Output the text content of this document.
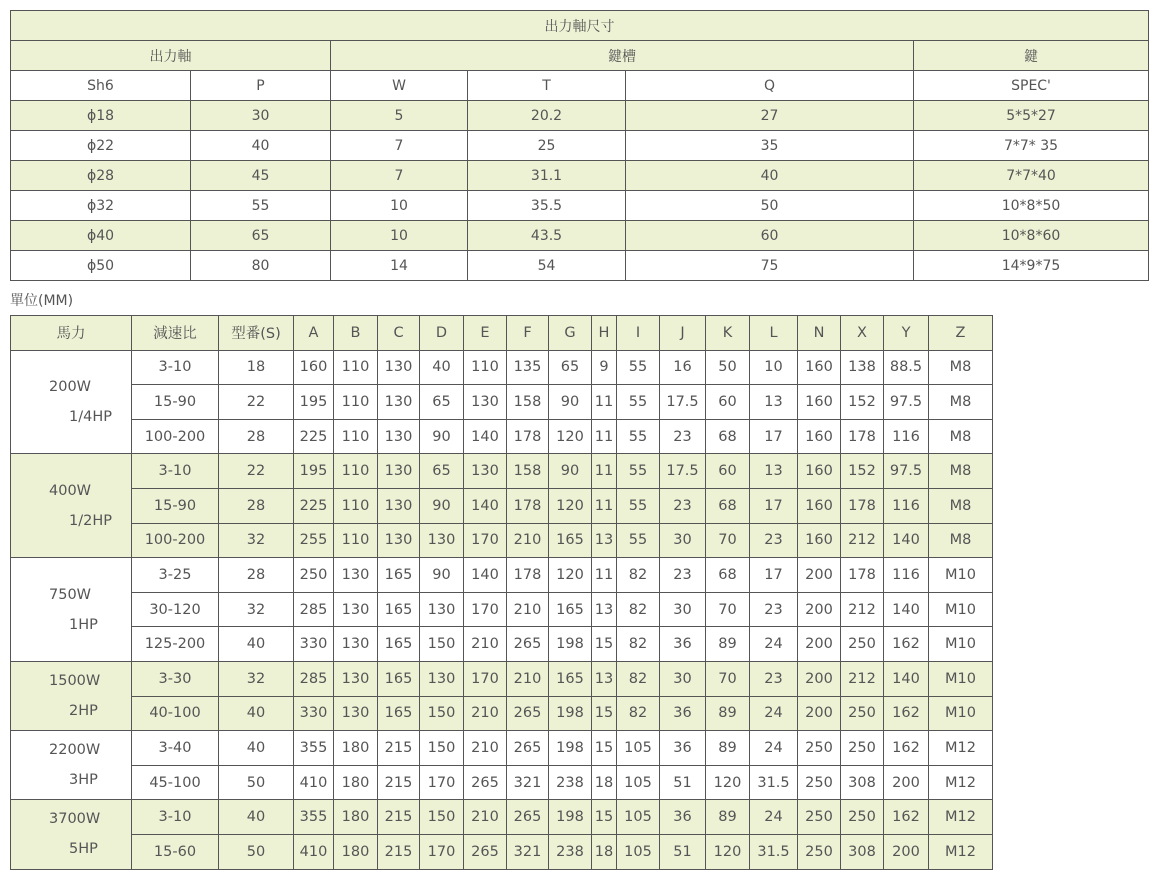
出力軸尺寸					
出力軸		鍵槽			鍵
Sh6	P	W	T	Q	SPEC'
ϕ18	30	5	20.2	27	5*5*27
ϕ22	40	7	25	35	7*7* 35
ϕ28	45	7	31.1	40	7*7*40
ϕ32	55	10	35.5	50	10*8*50
ϕ40	65	10	43.5	60	10*8*60
ϕ50	80	14	54	75	14*9*75
單位(MM)
馬力	減速比	型番(S)	A	B	C	D	E	F	G	H	I	J	K	L	N	X	Y	Z

200W
1/4HP	3-10	18	160	110	130	40	110	135	65	9	55	16	50	10	160	138	88.5	M8
	15-90	22	195	110	130	65	130	158	90	11	55	17.5	60	13	160	152	97.5	M8
	100-200	28	225	110	130	90	140	178	120	11	55	23	68	17	160	178	116	M8

400W
1/2HP	3-10	22	195	110	130	65	130	158	90	11	55	17.5	60	13	160	152	97.5	M8
	15-90	28	225	110	130	90	140	178	120	11	55	23	68	17	160	178	116	M8
	100-200	32	255	110	130	130	170	210	165	13	55	30	70	23	160	212	140	M8

750W
1HP	3-25	28	250	130	165	90	140	178	120	11	82	23	68	17	200	178	116	M10
	30-120	32	285	130	165	130	170	210	165	13	82	30	70	23	200	212	140	M10
	125-200	40	330	130	165	150	210	265	198	15	82	36	89	24	200	250	162	M10

1500W
2HP	3-30	32	285	130	165	130	170	210	165	13	82	30	70	23	200	212	140	M10
	40-100	40	330	130	165	150	210	265	198	15	82	36	89	24	200	250	162	M10

2200W
3HP	3-40	40	355	180	215	150	210	265	198	15	105	36	89	24	250	250	162	M12
	45-100	50	410	180	215	170	265	321	238	18	105	51	120	31.5	250	308	200	M12

3700W
5HP	3-10	40	355	180	215	150	210	265	198	15	105	36	89	24	250	250	162	M12
	15-60	50	410	180	215	170	265	321	238	18	105	51	120	31.5	250	308	200	M12
